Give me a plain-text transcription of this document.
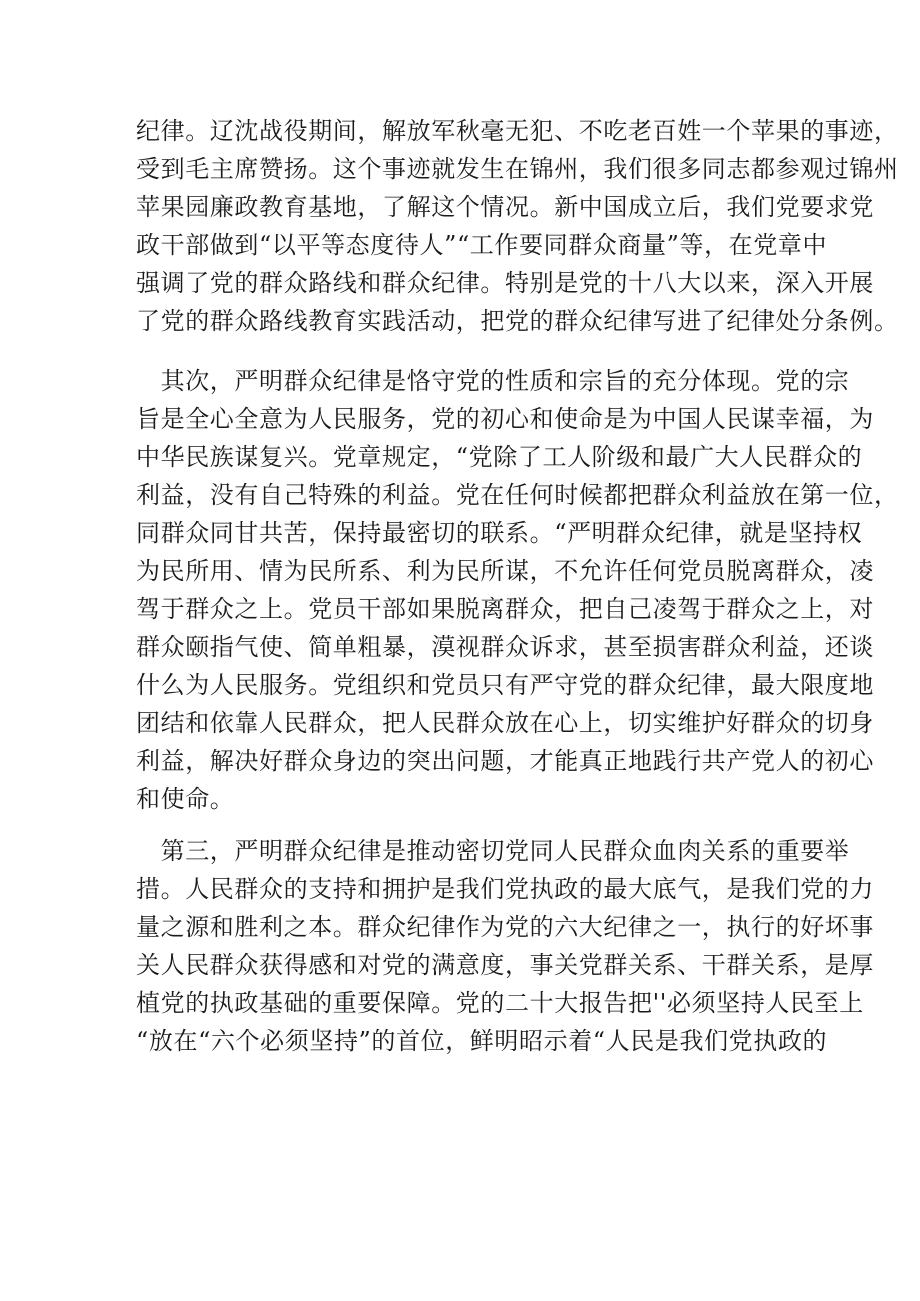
纪律。辽沈战役期间，解放军秋毫无犯、不吃老百姓一个苹果的事迹，
受到毛主席赞扬。这个事迹就发生在锦州，我们很多同志都参观过锦州
苹果园廉政教育基地，了解这个情况。新中国成立后，我们党要求党
政干部做到“以平等态度待人”“工作要同群众商量”等，在党章中
强调了党的群众路线和群众纪律。特别是党的十八大以来，深入开展
了党的群众路线教育实践活动，把党的群众纪律写进了纪律处分条例。
　其次，严明群众纪律是恪守党的性质和宗旨的充分体现。党的宗
旨是全心全意为人民服务，党的初心和使命是为中国人民谋幸福，为
中华民族谋复兴。党章规定，“党除了工人阶级和最广大人民群众的
利益，没有自己特殊的利益。党在任何时候都把群众利益放在第一位，
同群众同甘共苦，保持最密切的联系。“严明群众纪律，就是坚持权
为民所用、情为民所系、利为民所谋，不允许任何党员脱离群众，凌
驾于群众之上。党员干部如果脱离群众，把自己凌驾于群众之上，对
群众颐指气使、简单粗暴，漠视群众诉求，甚至损害群众利益，还谈
什么为人民服务。党组织和党员只有严守党的群众纪律，最大限度地
团结和依靠人民群众，把人民群众放在心上，切实维护好群众的切身
利益，解决好群众身边的突出问题，才能真正地践行共产党人的初心
和使命。
　第三，严明群众纪律是推动密切党同人民群众血肉关系的重要举
措。人民群众的支持和拥护是我们党执政的最大底气，是我们党的力
量之源和胜利之本。群众纪律作为党的六大纪律之一，执行的好坏事
关人民群众获得感和对党的满意度，事关党群关系、干群关系，是厚
植党的执政基础的重要保障。党的二十大报告把''必须坚持人民至上
“放在“六个必须坚持”的首位，鲜明昭示着“人民是我们党执政的
